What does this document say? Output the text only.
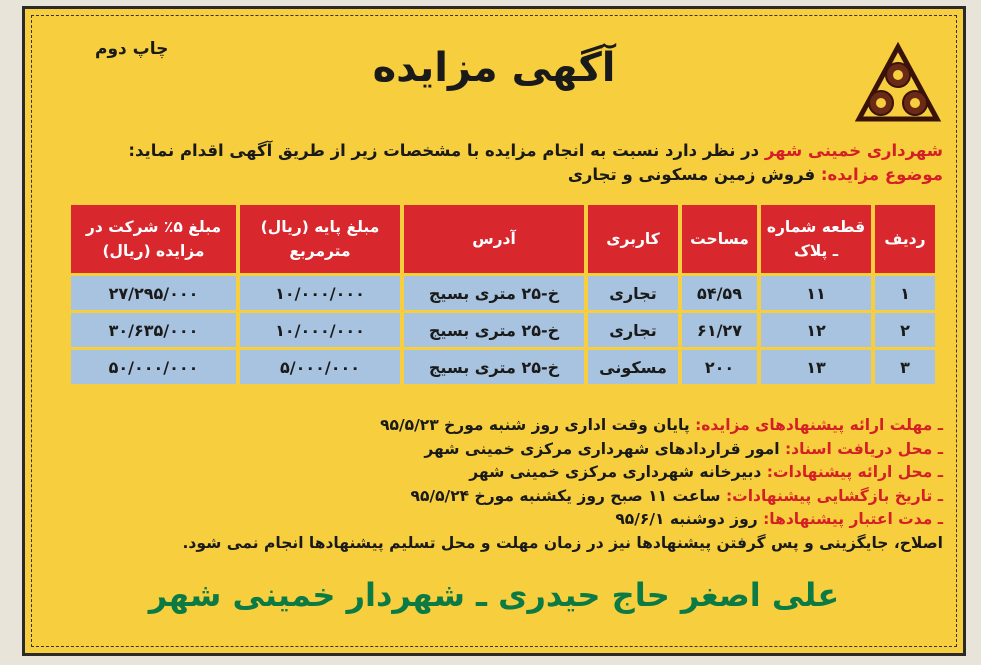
چاپ دوم	آگهی مزایده
شهرداری خمینی شهر در نظر دارد نسبت به انجام مزایده با مشخصات زیر از طریق آگهی اقدام نماید:
موضوع مزایده: فروش زمین مسکونی و تجاری
ردیف	قطعه شماره ـ پلاک	مساحت	کاربری	آدرس	مبلغ پایه (ریال) مترمربع	مبلغ ۵٪ شرکت در مزایده (ریال)
۱	۱۱	۵۴/۵۹	تجاری	خ-۲۵ متری بسیج	۱۰/۰۰۰/۰۰۰	۲۷/۲۹۵/۰۰۰
۲	۱۲	۶۱/۲۷	تجاری	خ-۲۵ متری بسیج	۱۰/۰۰۰/۰۰۰	۳۰/۶۳۵/۰۰۰
۳	۱۳	۲۰۰	مسکونی	خ-۲۵ متری بسیج	۵/۰۰۰/۰۰۰	۵۰/۰۰۰/۰۰۰
ـ مهلت ارائه پیشنهادهای مزایده: پایان وقت اداری روز شنبه مورخ ۹۵/۵/۲۳
ـ محل دریافت اسناد: امور قراردادهای شهرداری مرکزی خمینی شهر
ـ محل ارائه پیشنهادات: دبیرخانه شهرداری مرکزی خمینی شهر
ـ تاریخ بازگشایی پیشنهادات: ساعت ۱۱ صبح روز یکشنبه مورخ ۹۵/۵/۲۴
ـ مدت اعتبار پیشنهادها: روز دوشنبه ۹۵/۶/۱
اصلاح، جایگزینی و پس گرفتن پیشنهادها نیز در زمان مهلت و محل تسلیم پیشنهادها انجام نمی شود.
علی اصغر حاج حیدری ـ شهردار خمینی شهر
